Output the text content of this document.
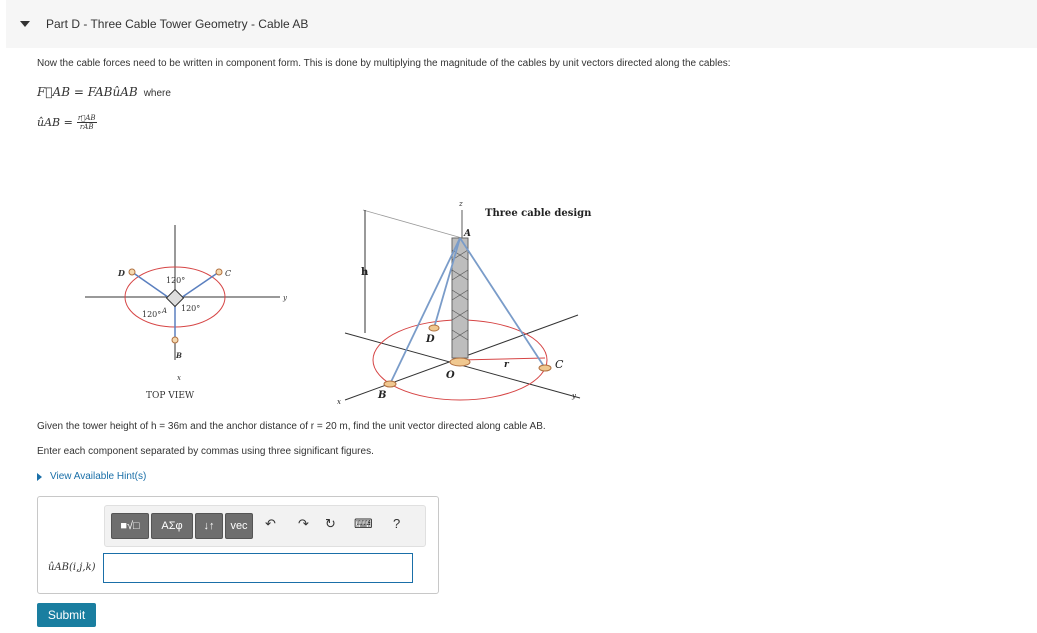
Part D - Three Cable Tower Geometry - Cable AB
Now the cable forces need to be written in component form. This is done by multiplying the magnitude of the cables by unit vectors directed along the cables:
F⃗AB = FABûAB where
ûAB = $\frac{r⃗AB}{\text{rAB}}$
D	C
A
B
y
x
120°
120°
120°
TOP VIEW
Three cable design
z
A
h
D
O
r	C
B
x
y
Given the tower height of h = 36m and the anchor distance of r = 20 m, find the unit vector directed along cable AB.
Enter each component separated by commas using three significant figures.
View Available Hint(s)
■√□	AΣφ	↓↑	vec	↶ ↷ ↻ ⌨ ?
ûAB(i,j,k)
Submit
